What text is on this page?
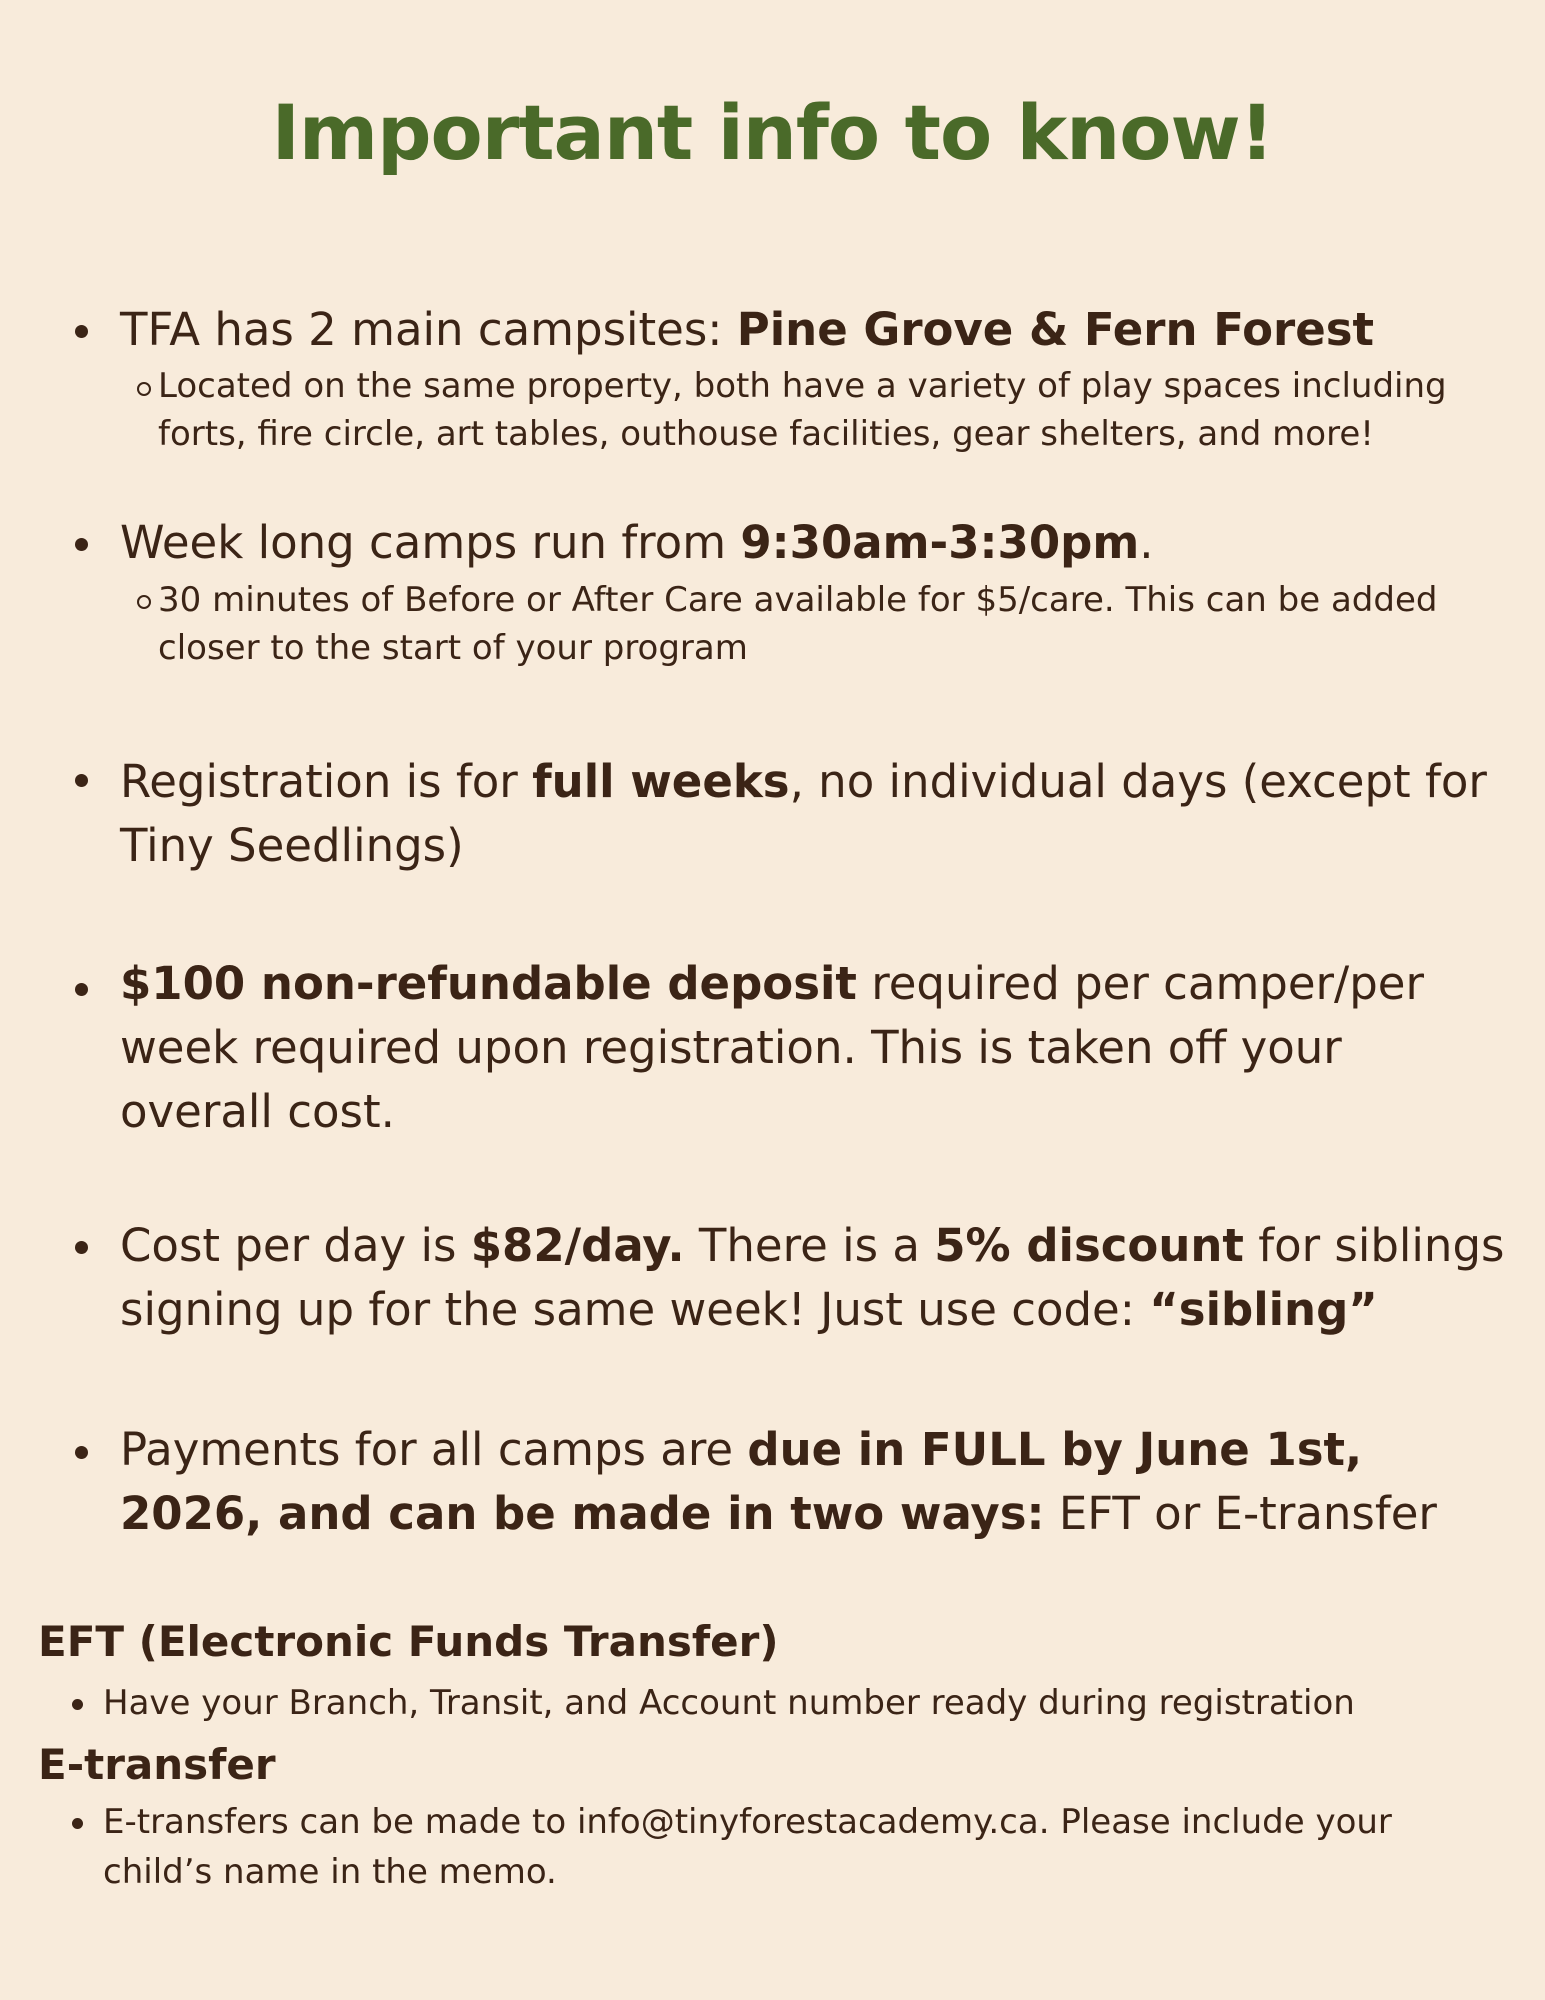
Important info to know!

TFA has 2 main campsites: Pine Grove & Fern Forest

Located on the same property, both have a variety of play spaces including forts, fire circle, art tables, outhouse facilities, gear shelters, and more!

Week long camps run from 9:30am-3:30pm.

30 minutes of Before or After Care available for $5/care. This can be added closer to the start of your program

Registration is for full weeks, no individual days (except for Tiny Seedlings)

$100 non-refundable deposit required per camper/per week required upon registration. This is taken off your overall cost.

Cost per day is $82/day. There is a 5% discount for siblings signing up for the same week! Just use code: “sibling”

Payments for all camps are due in FULL by June 1st, 2026, and can be made in two ways: EFT or E-transfer

EFT (Electronic Funds Transfer)

Have your Branch, Transit, and Account number ready during registration

E-transfer

E-transfers can be made to info@tinyforestacademy.ca. Please include your child’s name in the memo.
